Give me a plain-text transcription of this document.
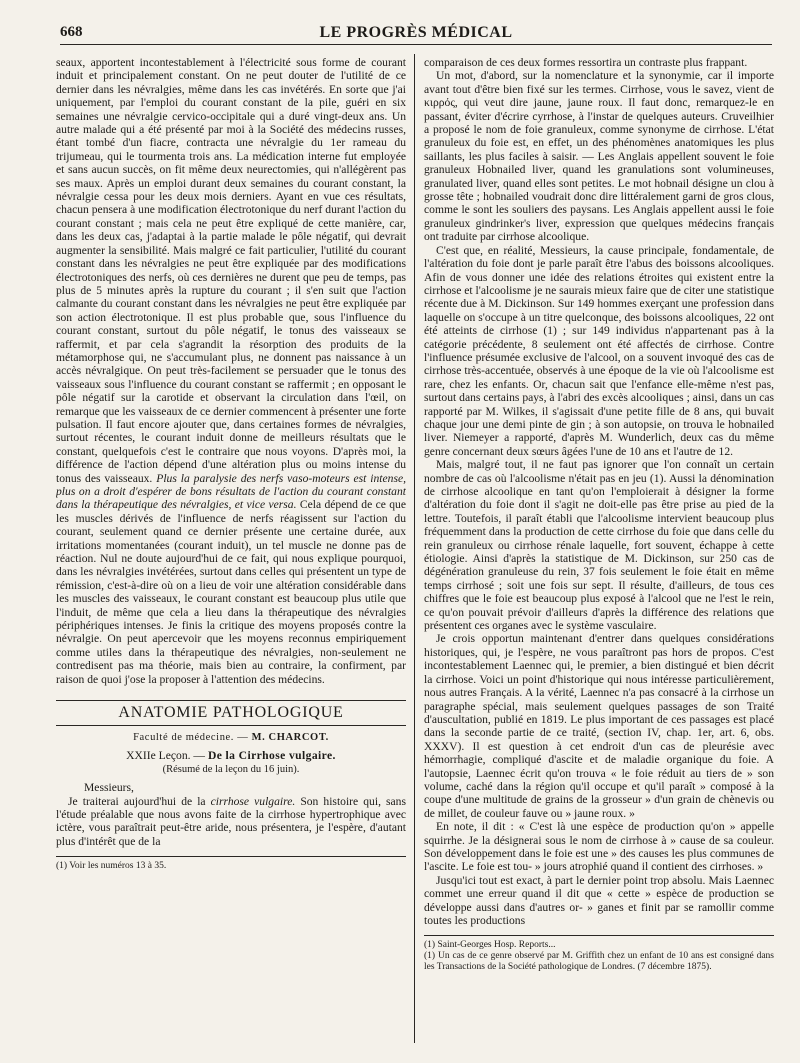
668	LE PROGRÈS MÉDICAL

seaux, apportent incontestablement à l'électricité sous forme de courant induit et principalement constant. On ne peut douter de l'utilité de ce dernier dans les névralgies, même dans les cas invétérés. En sorte que j'ai uniquement, par l'emploi du courant constant de la pile, guéri en six semaines une névralgie cervico-occipitale qui a duré vingt-deux ans. Un autre malade qui a été présenté par moi à la Société des médecins russes, étant tombé d'un fiacre, contracta une névralgie du 1er rameau du trijumeau, qui le tourmenta trois ans. La médication interne fut employée et sans aucun succès, on fit même deux neurectomies, qui n'allégèrent pas ses maux. Après un emploi durant deux semaines du courant constant, la névralgie cessa pour les deux mois derniers. Ayant en vue ces résultats, chacun pensera à une modification électrotonique du nerf durant l'action du courant constant ; mais cela ne peut être expliqué de cette manière, car, dans les deux cas, j'adaptai à la partie malade le pôle négatif, qui devrait augmenter la sensibilité. Mais malgré ce fait particulier, l'utilité du courant constant dans les névralgies ne peut être expliquée par des modifications électrotoniques des nerfs, où ces dernières ne durent que peu de temps, pas plus de 5 minutes après la rupture du courant ; il s'en suit que l'action calmante du courant constant dans les névralgies ne peut être expliquée par son action électrotonique. Il est plus probable que, sous l'influence du courant constant, surtout du pôle négatif, le tonus des vaisseaux se raffermit, et par cela s'agrandit la résorption des produits de la métamorphose qui, ne s'accumulant plus, ne donnent pas naissance à un accès névralgique. On peut très-facilement se persuader que le tonus des vaisseaux sous l'influence du courant constant se raffermit ; en opposant le pôle négatif sur la carotide et observant la circulation dans l'œil, on remarque que les vaisseaux de ce dernier commencent à présenter une forte pulsation. Il faut encore ajouter que, dans certaines formes de névralgies, surtout récentes, le courant induit donne de meilleurs résultats que le constant, quelquefois c'est le contraire que nous voyons. D'après moi, la différence de l'action dépend d'une altération plus ou moins intense du tonus des vaisseaux. Plus la paralysie des nerfs vaso-moteurs est intense, plus on a droit d'espérer de bons résultats de l'action du courant constant dans la thérapeutique des névralgies, et vice versa. Cela dépend de ce que les muscles dérivés de l'influence de nerfs réagissent sur l'action du courant, seulement quand ce dernier présente une certaine durée, aux irritations momentanées (courant induit), un tel muscle ne donne pas de réaction. Nul ne doute aujourd'hui de ce fait, qui nous explique pourquoi, dans les névralgies invétérées, surtout dans celles qui présentent un type de rémission, c'est-à-dire où on a lieu de voir une altération considérable dans les muscles des vaisseaux, le courant constant est beaucoup plus utile que l'induit, de même que cela a lieu dans la thérapeutique des névralgies périphériques intenses. Je finis la critique des moyens proposés contre la névralgie. On peut apercevoir que les moyens reconnus empiriquement comme utiles dans la thérapeutique des névralgies, non-seulement ne contredisent pas ma théorie, mais bien au contraire, la confirment, par raison de quoi j'ose la proposer à l'attention des médecins.

ANATOMIE PATHOLOGIQUE
Faculté de médecine. — M. CHARCOT.
XXIIe Leçon. — De la Cirrhose vulgaire.
(Résumé de la leçon du 16 juin).

Messieurs,

Je traiterai aujourd'hui de la cirrhose vulgaire. Son histoire qui, sans l'étude préalable que nous avons faite de la cirrhose hypertrophique avec ictère, vous paraîtrait peut-être aride, nous présentera, je l'espère, d'autant plus d'intérêt que de la

(1) Voir les numéros 13 à 35.

comparaison de ces deux formes ressortira un contraste plus frappant.

Un mot, d'abord, sur la nomenclature et la synonymie, car il importe avant tout d'être bien fixé sur les termes. Cirrhose, vous le savez, vient de κιρρός, qui veut dire jaune, jaune roux. Il faut donc, remarquez-le en passant, éviter d'écrire cyrrhose, à l'instar de quelques auteurs. Cruveilhier a proposé le nom de foie granuleux, comme synonyme de cirrhose. L'état granuleux du foie est, en effet, un des phénomènes anatomiques les plus saillants, les plus faciles à saisir. — Les Anglais appellent souvent le foie granuleux Hobnailed liver, quand les granulations sont volumineuses, granulated liver, quand elles sont petites. Le mot hobnail désigne un clou à grosse tête ; hobnailed voudrait donc dire littéralement garni de gros clous, comme le sont les souliers des paysans. Les Anglais appellent aussi le foie granuleux gindrinker's liver, expression que quelques médecins français ont traduite par cirrhose alcoolique.

C'est que, en réalité, Messieurs, la cause principale, fondamentale, de l'altération du foie dont je parle paraît être l'abus des boissons alcooliques. Afin de vous donner une idée des relations étroites qui existent entre la cirrhose et l'alcoolisme je ne saurais mieux faire que de citer une statistique récente due à M. Dickinson. Sur 149 hommes exerçant une profession dans laquelle on s'occupe à un titre quelconque, des boissons alcooliques, 22 ont été atteints de cirrhose (1) ; sur 149 individus n'appartenant pas à la catégorie précédente, 8 seulement ont été affectés de cirrhose. Contre l'influence présumée exclusive de l'alcool, on a souvent invoqué des cas de cirrhose très-accentuée, observés à une époque de la vie où l'alcoolisme est rare, chez les enfants. Or, chacun sait que l'enfance elle-même n'est pas, surtout dans certains pays, à l'abri des excès alcooliques ; ainsi, dans un cas rapporté par M. Wilkes, il s'agissait d'une petite fille de 8 ans, qui buvait chaque jour une demi pinte de gin ; à son autopsie, on trouva le hobnailed liver. Niemeyer a rapporté, d'après M. Wunderlich, deux cas du même genre concernant deux sœurs âgées l'une de 10 ans et l'autre de 12.

Mais, malgré tout, il ne faut pas ignorer que l'on connaît un certain nombre de cas où l'alcoolisme n'était pas en jeu (1). Aussi la dénomination de cirrhose alcoolique en tant qu'on l'emploierait à désigner la forme d'altération du foie dont il s'agit ne doit-elle pas être prise au pied de la lettre. Toutefois, il paraît établi que l'alcoolisme intervient beaucoup plus fréquemment dans la production de cette cirrhose du foie que dans celle du rein granuleux ou cirrhose rénale laquelle, fort souvent, échappe à cette étiologie. Ainsi d'après la statistique de M. Dickinson, sur 250 cas de dégénération granuleuse du rein, 37 fois seulement le foie était en même temps cirrhosé ; soit une fois sur sept. Il résulte, d'ailleurs, de tous ces chiffres que le foie est beaucoup plus exposé à l'alcool que ne l'est le rein, ce qu'on pouvait prévoir d'ailleurs d'après la différence des relations que présentent ces organes avec le système vasculaire.

Je crois opportun maintenant d'entrer dans quelques considérations historiques, qui, je l'espère, ne vous paraîtront pas hors de propos. C'est incontestablement Laennec qui, le premier, a bien distingué et bien décrit la cirrhose. Voici un point d'historique qui nous intéresse particulièrement, nous autres Français. A la vérité, Laennec n'a pas consacré à la cirrhose un paragraphe spécial, mais seulement quelques passages de son Traité d'auscultation, publié en 1819. Le plus important de ces passages est placé dans la seconde partie de ce traité, (section IV, chap. 1er, art. 6, obs. XXXV). Il est question à cet endroit d'un cas de pleurésie avec hémorrhagie, compliqué d'ascite et de maladie organique du foie. A l'autopsie, Laennec écrit qu'on trouva « le foie réduit au tiers de » son volume, caché dans la région qu'il occupe et qu'il paraît » composé à la coupe d'une multitude de grains de la grosseur » d'un grain de chènevis ou de millet, de couleur fauve ou » jaune roux. »

En note, il dit : « C'est là une espèce de production qu'on » appelle squirrhe. Je la désignerai sous le nom de cirrhose à » cause de sa couleur. Son développement dans le foie est une » des causes les plus communes de l'ascite. Le foie est tou- » jours atrophié quand il contient des cirrhoses. »

Jusqu'ici tout est exact, à part le dernier point trop absolu. Mais Laennec commet une erreur quand il dit que « cette » espèce de production se développe aussi dans d'autres or- » ganes et finit par se ramollir comme toutes les productions

(1) Saint-Georges Hosp. Reports...
(1) Un cas de ce genre observé par M. Griffith chez un enfant de 10 ans est consigné dans les Transactions de la Société pathologique de Londres. (7 décembre 1875).
